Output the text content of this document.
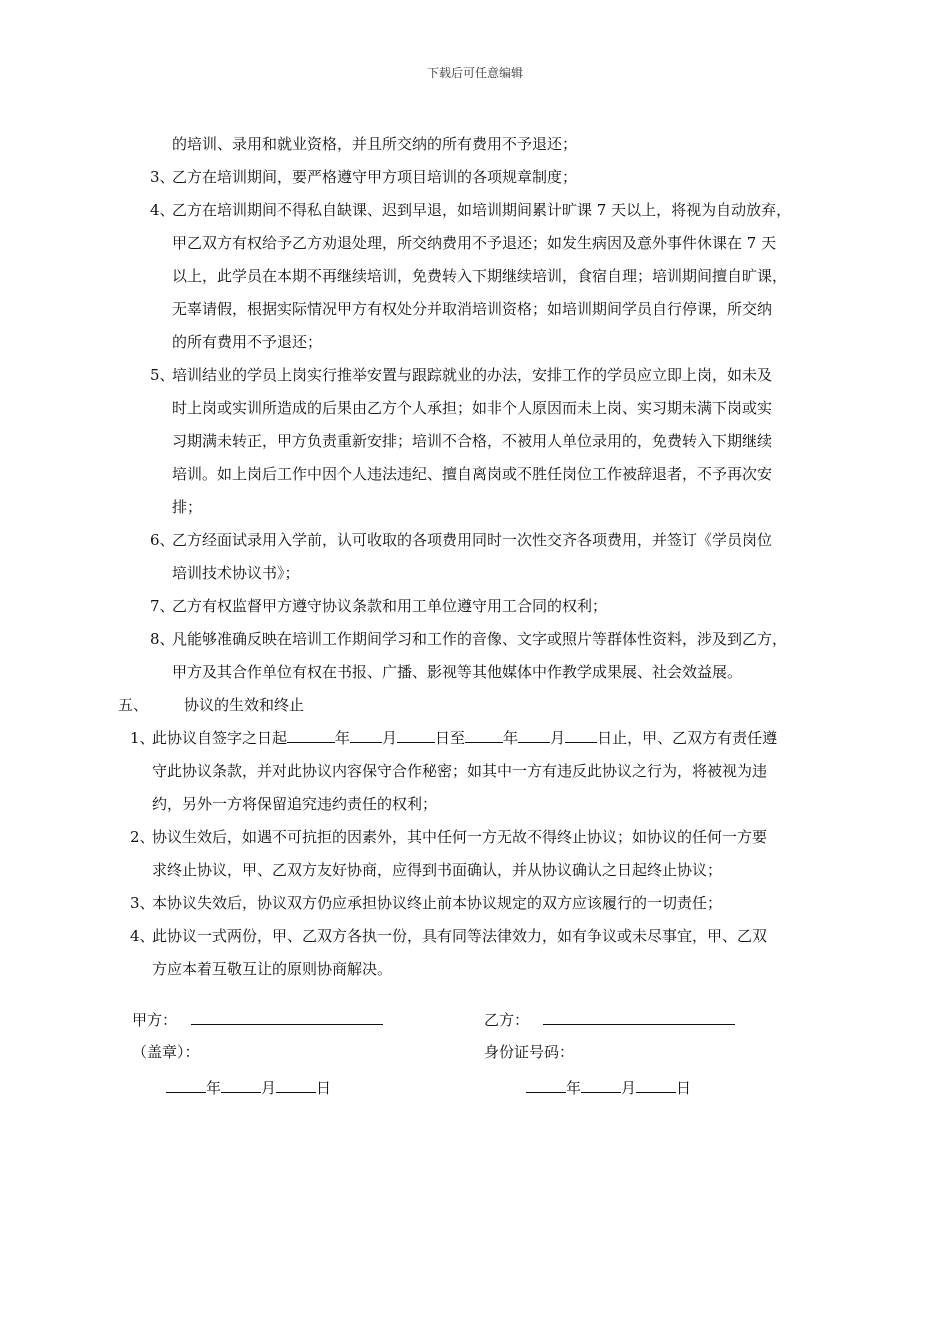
下载后可任意编辑
的培训、录用和就业资格，并且所交纳的所有费用不予退还；
3、
乙方在培训期间，要严格遵守甲方项目培训的各项规章制度；
4、
乙方在培训期间不得私自缺课、迟到早退，如培训期间累计旷课 7 天以上，将视为自动放弃，
甲乙双方有权给予乙方劝退处理，所交纳费用不予退还；如发生病因及意外事件休课在 7 天
以上，此学员在本期不再继续培训，免费转入下期继续培训，食宿自理；培训期间擅自旷课，
无辜请假，根据实际情况甲方有权处分并取消培训资格；如培训期间学员自行停课，所交纳
的所有费用不予退还；
5、
培训结业的学员上岗实行推举安置与跟踪就业的办法，安排工作的学员应立即上岗，如未及
时上岗或实训所造成的后果由乙方个人承担；如非个人原因而未上岗、实习期未满下岗或实
习期满未转正，甲方负责重新安排；培训不合格，不被用人单位录用的，免费转入下期继续
培训。如上岗后工作中因个人违法违纪、擅自离岗或不胜任岗位工作被辞退者，不予再次安
排；
6、
乙方经面试录用入学前，认可收取的各项费用同时一次性交齐各项费用，并签订《学员岗位
培训技术协议书》；
7、
乙方有权监督甲方遵守协议条款和用工单位遵守用工合同的权利；
8、
凡能够准确反映在培训工作期间学习和工作的音像、文字或照片等群体性资料，涉及到乙方，
甲方及其合作单位有权在书报、广播、影视等其他媒体中作教学成果展、社会效益展。
五、 协议的生效和终止
1、
此协议自签字之日起	年 月	日至	年 月 日止，甲、乙双方有责任遵
守此协议条款，并对此协议内容保守合作秘密；如其中一方有违反此协议之行为，将被视为违
约，另外一方将保留追究违约责任的权利；
2、
协议生效后，如遇不可抗拒的因素外，其中任何一方无故不得终止协议；如协议的任何一方要
求终止协议，甲、乙双方友好协商，应得到书面确认，并从协议确认之日起终止协议；
3、
本协议失效后，协议双方仍应承担协议终止前本协议规定的双方应该履行的一切责任；
4、
此协议一式两份，甲、乙双方各执一份，具有同等法律效力，如有争议或未尽事宜，甲、乙双
方应本着互敬互让的原则协商解决。
甲方：	乙方：
（盖章）：	身份证号码：
年	月	日	年	月	日
